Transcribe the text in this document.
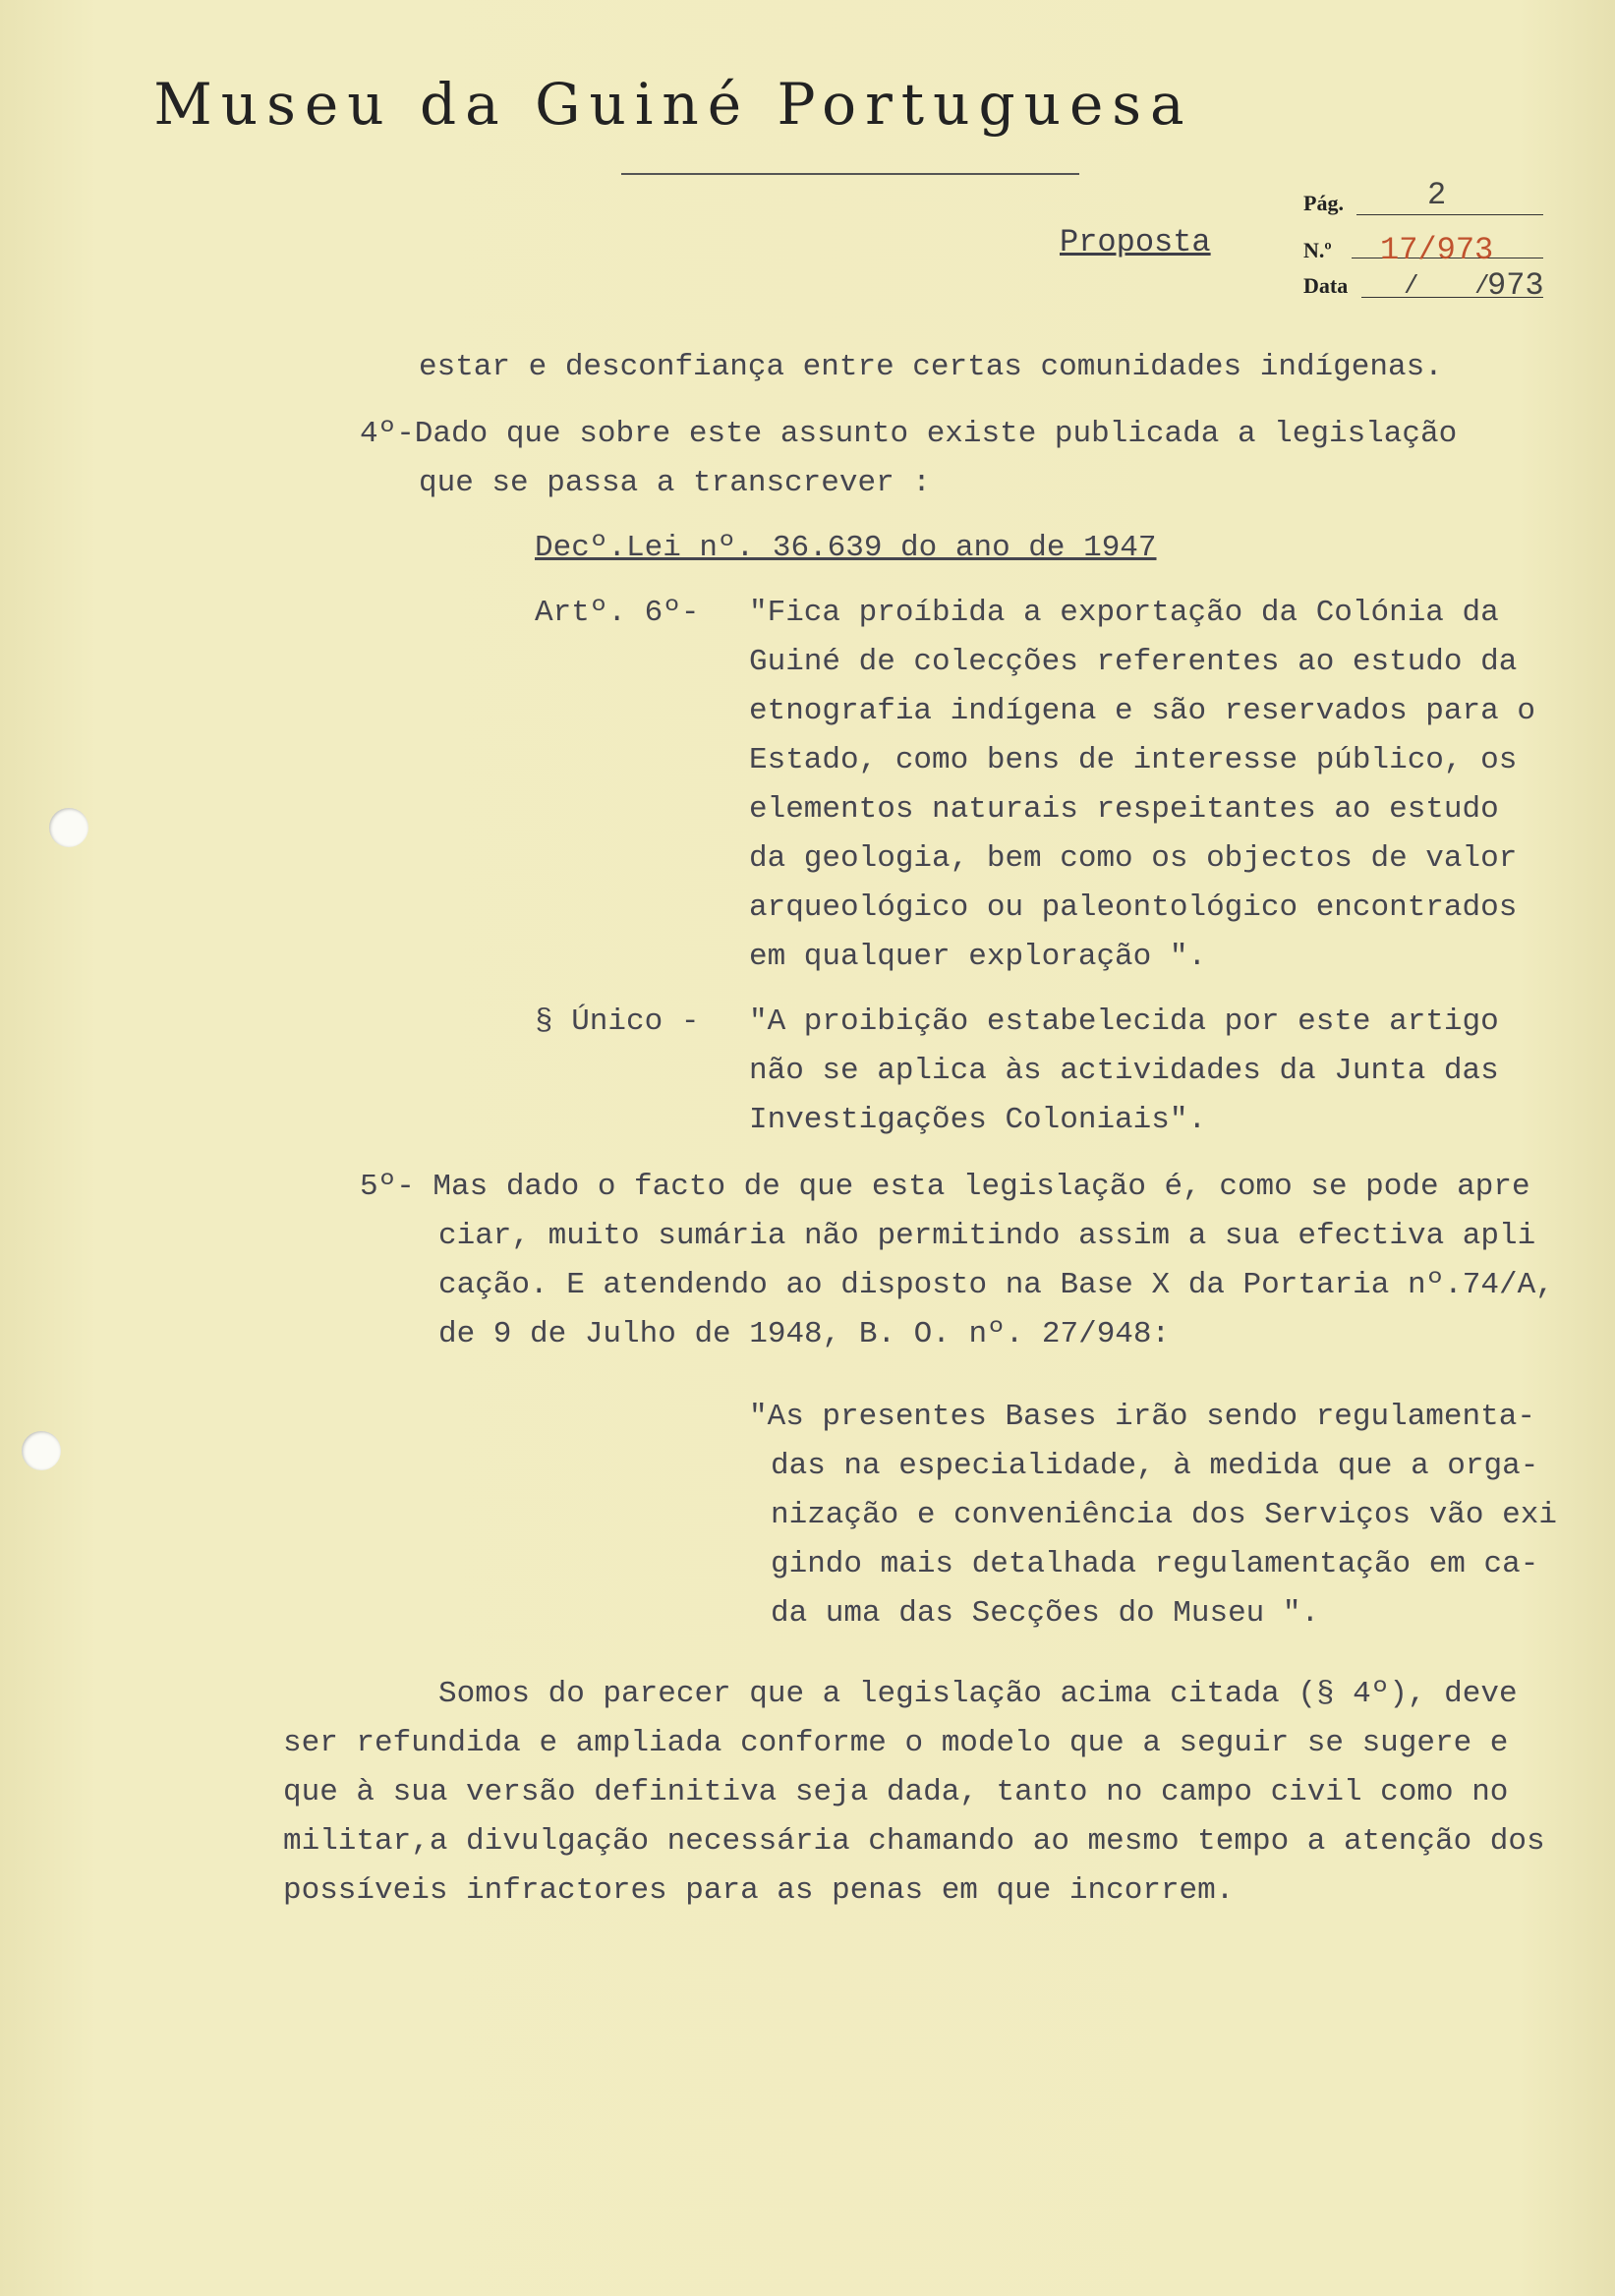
Museu da Guiné Portuguesa
Proposta
Pág.	2
N.º 17/973
Data / /
973
estar e desconfiança entre certas comunidades indígenas.
4º-Dado que sobre este assunto existe publicada a legislação
que se passa a transcrever :
Decº.Lei nº. 36.639 do ano de 1947
Artº. 6º- "Fica proíbida a exportação da Colónia da
Guiné de colecções referentes ao estudo da
etnografia indígena e são reservados para o
Estado, como bens de interesse público, os
elementos naturais respeitantes ao estudo
da geologia, bem como os objectos de valor
arqueológico ou paleontológico encontrados
em qualquer exploração ".
§ Único - "A proibição estabelecida por este artigo
não se aplica às actividades da Junta das
Investigações Coloniais".
5º- Mas dado o facto de que esta legislação é, como se pode apre
ciar, muito sumária não permitindo assim a sua efectiva apli
cação. E atendendo ao disposto na Base X da Portaria nº.74/A,
de 9 de Julho de 1948, B. O. nº. 27/948:
"As presentes Bases irão sendo regulamenta-
das na especialidade, à medida que a orga-
nização e conveniência dos Serviços vão exi
gindo mais detalhada regulamentação em ca-
da uma das Secções do Museu ".
Somos do parecer que a legislação acima citada (§ 4º), deve
ser refundida e ampliada conforme o modelo que a seguir se sugere e
que à sua versão definitiva seja dada, tanto no campo civil como no
militar,a divulgação necessária chamando ao mesmo tempo a atenção dos
possíveis infractores para as penas em que incorrem.
